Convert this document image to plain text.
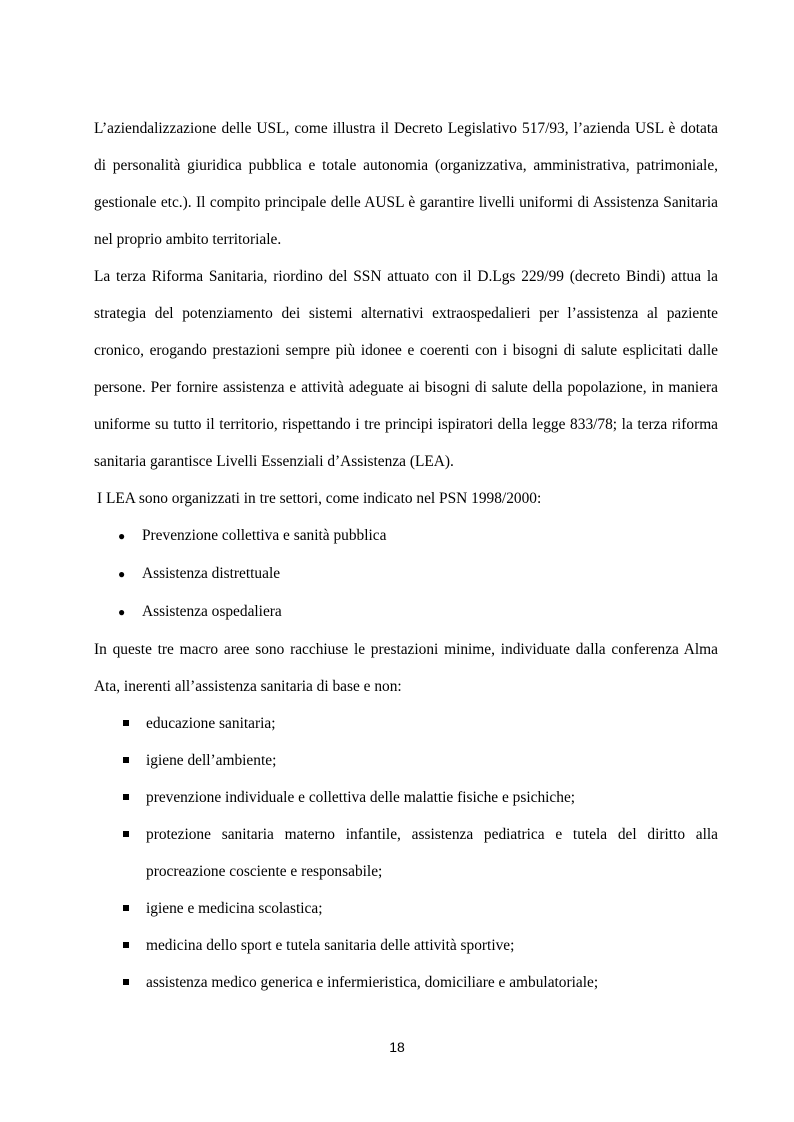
L’aziendalizzazione delle USL, come illustra il Decreto Legislativo 517/93, l’azienda USL è dotata di personalità giuridica pubblica e totale autonomia (organizzativa, amministrativa, patrimoniale, gestionale etc.). Il compito principale delle AUSL è garantire livelli uniformi di Assistenza Sanitaria nel proprio ambito territoriale.

La terza Riforma Sanitaria, riordino del SSN attuato con il D.Lgs 229/99 (decreto Bindi) attua la strategia del potenziamento dei sistemi alternativi extraospedalieri per l’assistenza al paziente cronico, erogando prestazioni sempre più idonee e coerenti con i bisogni di salute esplicitati dalle persone. Per fornire assistenza e attività adeguate ai bisogni di salute della popolazione, in maniera uniforme su tutto il territorio, rispettando i tre principi ispiratori della legge 833/78; la terza riforma sanitaria garantisce Livelli Essenziali d’Assistenza (LEA).

I LEA sono organizzati in tre settori, come indicato nel PSN 1998/2000:

● Prevenzione collettiva e sanità pubblica
● Assistenza distrettuale
● Assistenza ospedaliera

In queste tre macro aree sono racchiuse le prestazioni minime, individuate dalla conferenza Alma Ata, inerenti all’assistenza sanitaria di base e non:

educazione sanitaria;
igiene dell’ambiente;
prevenzione individuale e collettiva delle malattie fisiche e psichiche;
protezione sanitaria materno infantile, assistenza pediatrica e tutela del diritto alla procreazione cosciente e responsabile;
igiene e medicina scolastica;
medicina dello sport e tutela sanitaria delle attività sportive;
assistenza medico generica e infermieristica, domiciliare e ambulatoriale;
18
